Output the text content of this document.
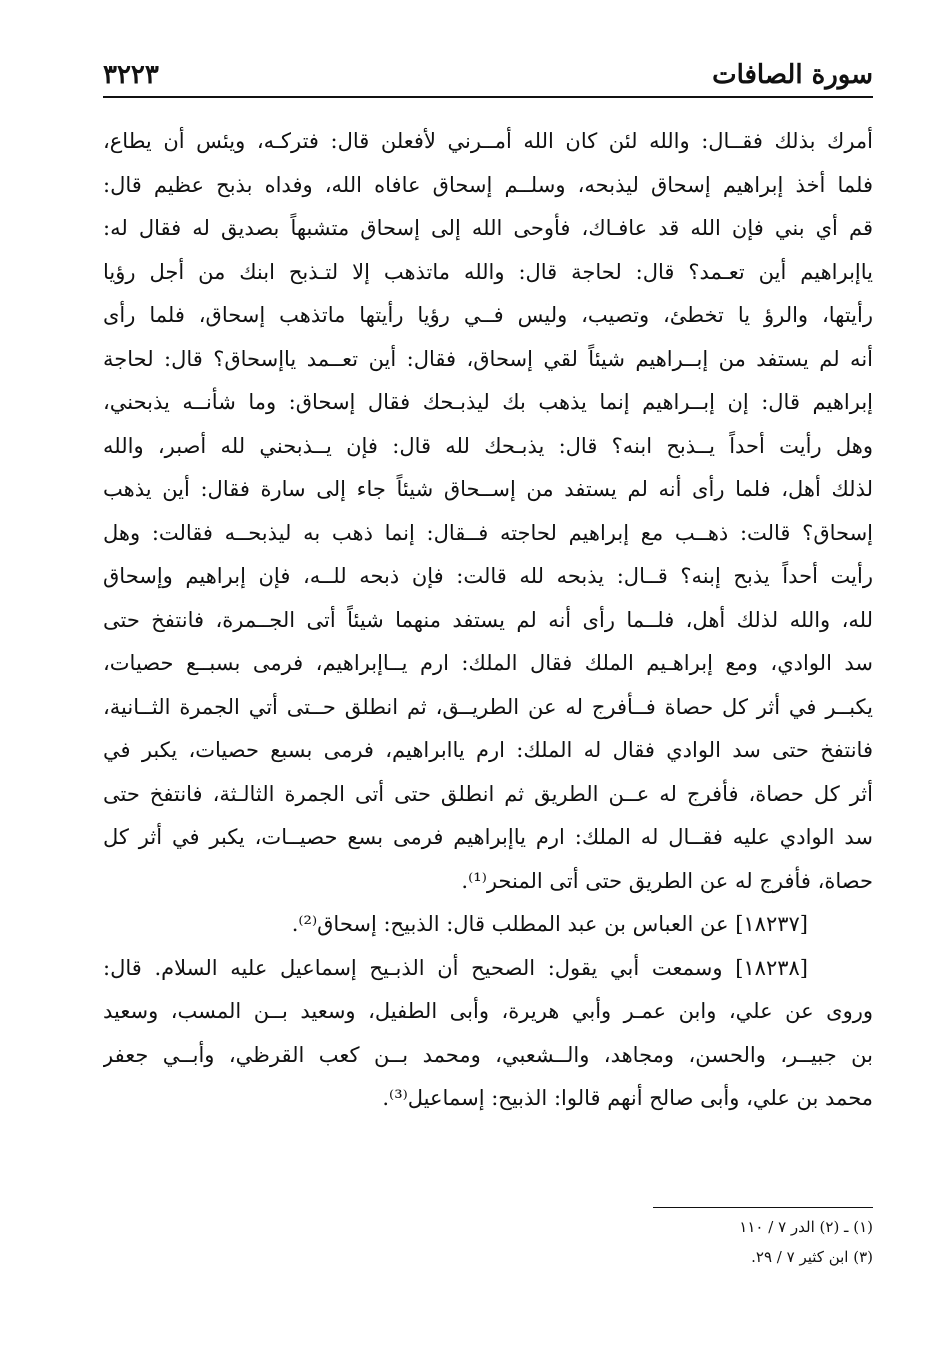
سورة الصافات
٣٢٢٣
أمرك بذلك فقــال: والله لئن كان الله أمــرني لأفعلن قال: فتركـه، ويئس أن يطاع،
فلما أخذ إبراهيم إسحاق ليذبحه، وسلــم إسحاق عافاه الله، وفداه بذبح عظيم قال:
قم أي بني فإن الله قد عافـاك، فأوحى الله إلى إسحاق متشبهاً بصديق له فقال له:
ياإبراهيم أين تعـمد؟ قال: لحاجة قال: والله ماتذهب إلا لتـذبح ابنك من أجل رؤيا
رأيتها، والرؤ يا تخطئ، وتصيب، وليس فــي رؤيا رأيتها ماتذهب إسحاق، فلما رأى
أنه لم يستفد من إبــراهيم شيئاً لقي إسحاق، فقال: أين تعــمد ياإسحاق؟ قال: لحاجة
إبراهيم قال: إن إبــراهيم إنما يذهب بك ليذبـحك فقال إسحاق: وما شأنــه يذبحني،
وهل رأيت أحداً يــذبح ابنه؟ قال: يذبـحك لله قال: فإن يــذبحني لله أصبر، والله
لذلك أهل، فلما رأى أنه لم يستفد من إســحاق شيئاً جاء إلى سارة فقال: أين يذهب
إسحاق؟ قالت: ذهــب مع إبراهيم لحاجته فــقال: إنما ذهب به ليذبحــه فقالت: وهل
رأيت أحداً يذبح إبنه؟ قــال: يذبحه لله قالت: فإن ذبحه للــه، فإن إبراهيم وإسحاق
لله، والله لذلك أهل، فلــما رأى أنه لم يستفد منهما شيئاً أتى الجــمرة، فانتفخ حتى
سد الوادي، ومع إبراهـيم الملك فقال الملك: ارم يــاإبراهيم، فرمى بسبــع حصيات،
يكبــر في أثر كل حصاة فــأفرج له عن الطريــق، ثم انطلق حــتى أتي الجمرة الثــانية،
فانتفخ حتى سد الوادي فقال له الملك: ارم ياابراهيم، فرمى بسبع حصيات، يكبر في
أثر كل حصاة، فأفرج له عــن الطريق ثم انطلق حتى أتى الجمرة الثالـثة، فانتفخ حتى
سد الوادي عليه فقــال له الملك: ارم ياإبراهيم فرمى بسع حصيــات، يكبر في أثر كل
حصاة، فأفرج له عن الطريق حتى أتى المنحر⁽¹⁾.
[١٨٢٣٧] عن العباس بن عبد المطلب قال: الذبيح: إسحاق⁽²⁾.
[١٨٢٣٨] وسمعت أبي يقول: الصحيح أن الذبـيح إسماعيل عليه السلام. قال:
وروى عن علي، وابن عمـر وأبي هريرة، وأبى الطفيل، وسعيد بــن المسب، وسعيد
بن جبيــر، والحسن، ومجاهد، والــشعبي، ومحمد بــن كعب القرظي، وأبــي جعفر
محمد بن علي، وأبى صالح أنهم قالوا: الذبيح: إسماعيل⁽³⁾.
(١) ـ (٢) الدر ٧ / ١١٠
(٣) ابن كثير ٧ / ٢٩.
